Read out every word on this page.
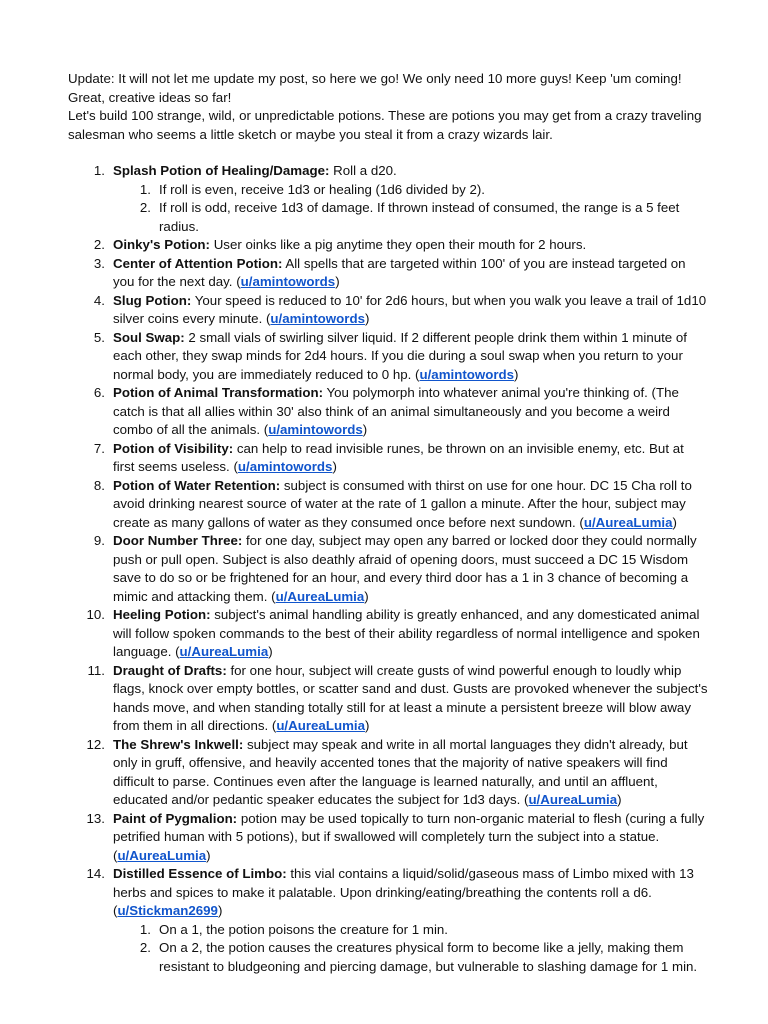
Update: It will not let me update my post, so here we go! We only need 10 more guys! Keep 'um coming! Great, creative ideas so far!

Let's build 100 strange, wild, or unpredictable potions. These are potions you may get from a crazy traveling salesman who seems a little sketch or maybe you steal it from a crazy wizards lair.

1. Splash Potion of Healing/Damage: Roll a d20.
1. If roll is even, receive 1d3 or healing (1d6 divided by 2).
2. If roll is odd, receive 1d3 of damage. If thrown instead of consumed, the range is a 5 feet radius.
2. Oinky's Potion: User oinks like a pig anytime they open their mouth for 2 hours.
3. Center of Attention Potion: All spells that are targeted within 100' of you are instead targeted on you for the next day. (u/amintowords)
4. Slug Potion: Your speed is reduced to 10' for 2d6 hours, but when you walk you leave a trail of 1d10 silver coins every minute. (u/amintowords)
5. Soul Swap: 2 small vials of swirling silver liquid. If 2 different people drink them within 1 minute of each other, they swap minds for 2d4 hours. If you die during a soul swap when you return to your normal body, you are immediately reduced to 0 hp. (u/amintowords)
6. Potion of Animal Transformation: You polymorph into whatever animal you're thinking of. (The catch is that all allies within 30' also think of an animal simultaneously and you become a weird combo of all the animals. (u/amintowords)
7. Potion of Visibility: can help to read invisible runes, be thrown on an invisible enemy, etc. But at first seems useless. (u/amintowords)
8. Potion of Water Retention: subject is consumed with thirst on use for one hour. DC 15 Cha roll to avoid drinking nearest source of water at the rate of 1 gallon a minute. After the hour, subject may create as many gallons of water as they consumed once before next sundown. (u/AureaLumia)
9. Door Number Three: for one day, subject may open any barred or locked door they could normally push or pull open. Subject is also deathly afraid of opening doors, must succeed a DC 15 Wisdom save to do so or be frightened for an hour, and every third door has a 1 in 3 chance of becoming a mimic and attacking them. (u/AureaLumia)
10. Heeling Potion: subject's animal handling ability is greatly enhanced, and any domesticated animal will follow spoken commands to the best of their ability regardless of normal intelligence and spoken language. (u/AureaLumia)
11. Draught of Drafts: for one hour, subject will create gusts of wind powerful enough to loudly whip flags, knock over empty bottles, or scatter sand and dust. Gusts are provoked whenever the subject's hands move, and when standing totally still for at least a minute a persistent breeze will blow away from them in all directions. (u/AureaLumia)
12. The Shrew's Inkwell: subject may speak and write in all mortal languages they didn't already, but only in gruff, offensive, and heavily accented tones that the majority of native speakers will find difficult to parse. Continues even after the language is learned naturally, and until an affluent, educated and/or pedantic speaker educates the subject for 1d3 days. (u/AureaLumia)
13. Paint of Pygmalion: potion may be used topically to turn non-organic material to flesh (curing a fully petrified human with 5 potions), but if swallowed will completely turn the subject into a statue. (u/AureaLumia)
14. Distilled Essence of Limbo: this vial contains a liquid/solid/gaseous mass of Limbo mixed with 13 herbs and spices to make it palatable. Upon drinking/eating/breathing the contents roll a d6. (u/Stickman2699)
1. On a 1, the potion poisons the creature for 1 min.
2. On a 2, the potion causes the creatures physical form to become like a jelly, making them resistant to bludgeoning and piercing damage, but vulnerable to slashing damage for 1 min.
